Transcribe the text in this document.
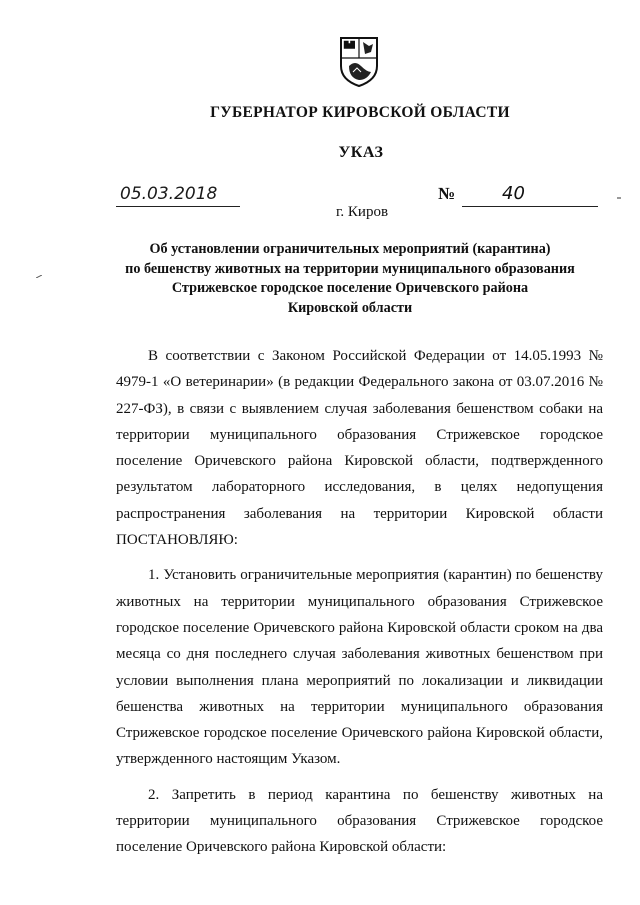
ГУБЕРНАТОР КИРОВСКОЙ ОБЛАСТИ
УКАЗ
05.03.2018	№	40
г. Киров
Об установлении ограничительных мероприятий (карантина)
по бешенству животных на территории муниципального образования
Стрижевское городское поселение Оричевского района
Кировской области

В соответствии с Законом Российской Федерации от 14.05.1993 № 4979-1 «О ветеринарии» (в редакции Федерального закона от 03.07.2016 № 227-ФЗ), в связи с выявлением случая заболевания бешенством собаки на территории муниципального образования Стрижевское городское поселение Оричевского района Кировской области, подтвержденного результатом лабораторного исследования, в целях недопущения распространения заболевания на территории Кировской области ПОСТАНОВЛЯЮ:

1. Установить ограничительные мероприятия (карантин) по бешенству животных на территории муниципального образования Стрижевское городское поселение Оричевского района Кировской области сроком на два месяца со дня последнего случая заболевания животных бешенством при условии выполнения плана мероприятий по локализации и ликвидации бешенства животных на территории муниципального образования Стрижевское городское поселение Оричевского района Кировской области, утвержденного настоящим Указом.

2. Запретить в период карантина по бешенству животных на территории муниципального образования Стрижевское городское поселение Оричевского района Кировской области:
